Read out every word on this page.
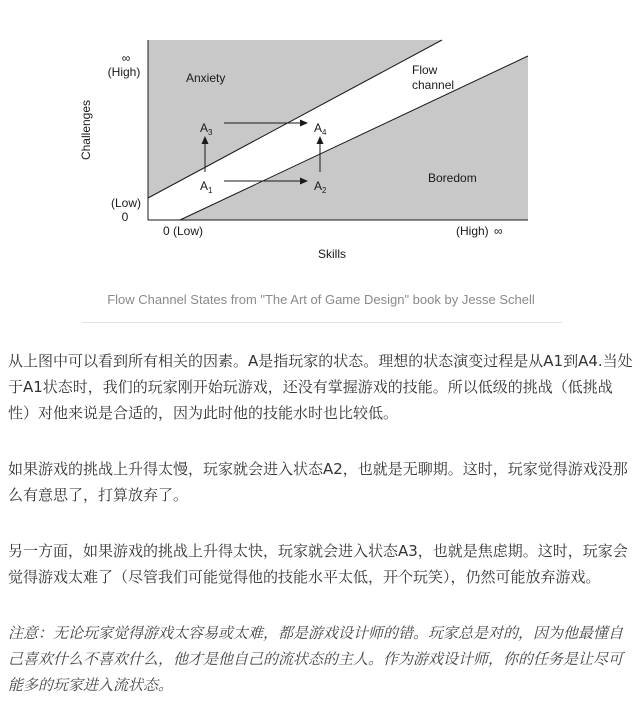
Anxiety
Flow
channel
Boredom
∞
(High)
(Low)
0
Challenges
0 (Low)	(High) ∞
Skills
$A_1$	$A_2$
$A_3$	$A_4$
Flow Channel States from "The Art of Game Design" book by Jesse Schell

从上图中可以看到所有相关的因素。A是指玩家的状态。理想的状态演变过程是从A1到A4.当处于A1状态时，我们的玩家刚开始玩游戏，还没有掌握游戏的技能。所以低级的挑战（低挑战性）对他来说是合适的，因为此时他的技能水时也比较低。

如果游戏的挑战上升得太慢，玩家就会进入状态A2，也就是无聊期。这时，玩家觉得游戏没那么有意思了，打算放弃了。

另一方面，如果游戏的挑战上升得太快，玩家就会进入状态A3，也就是焦虑期。这时，玩家会觉得游戏太难了（尽管我们可能觉得他的技能水平太低，开个玩笑），仍然可能放弃游戏。

注意：无论玩家觉得游戏太容易或太难，都是游戏设计师的错。玩家总是对的，因为他最懂自己喜欢什么不喜欢什么，他才是他自己的流状态的主人。作为游戏设计师，你的任务是让尽可能多的玩家进入流状态。
